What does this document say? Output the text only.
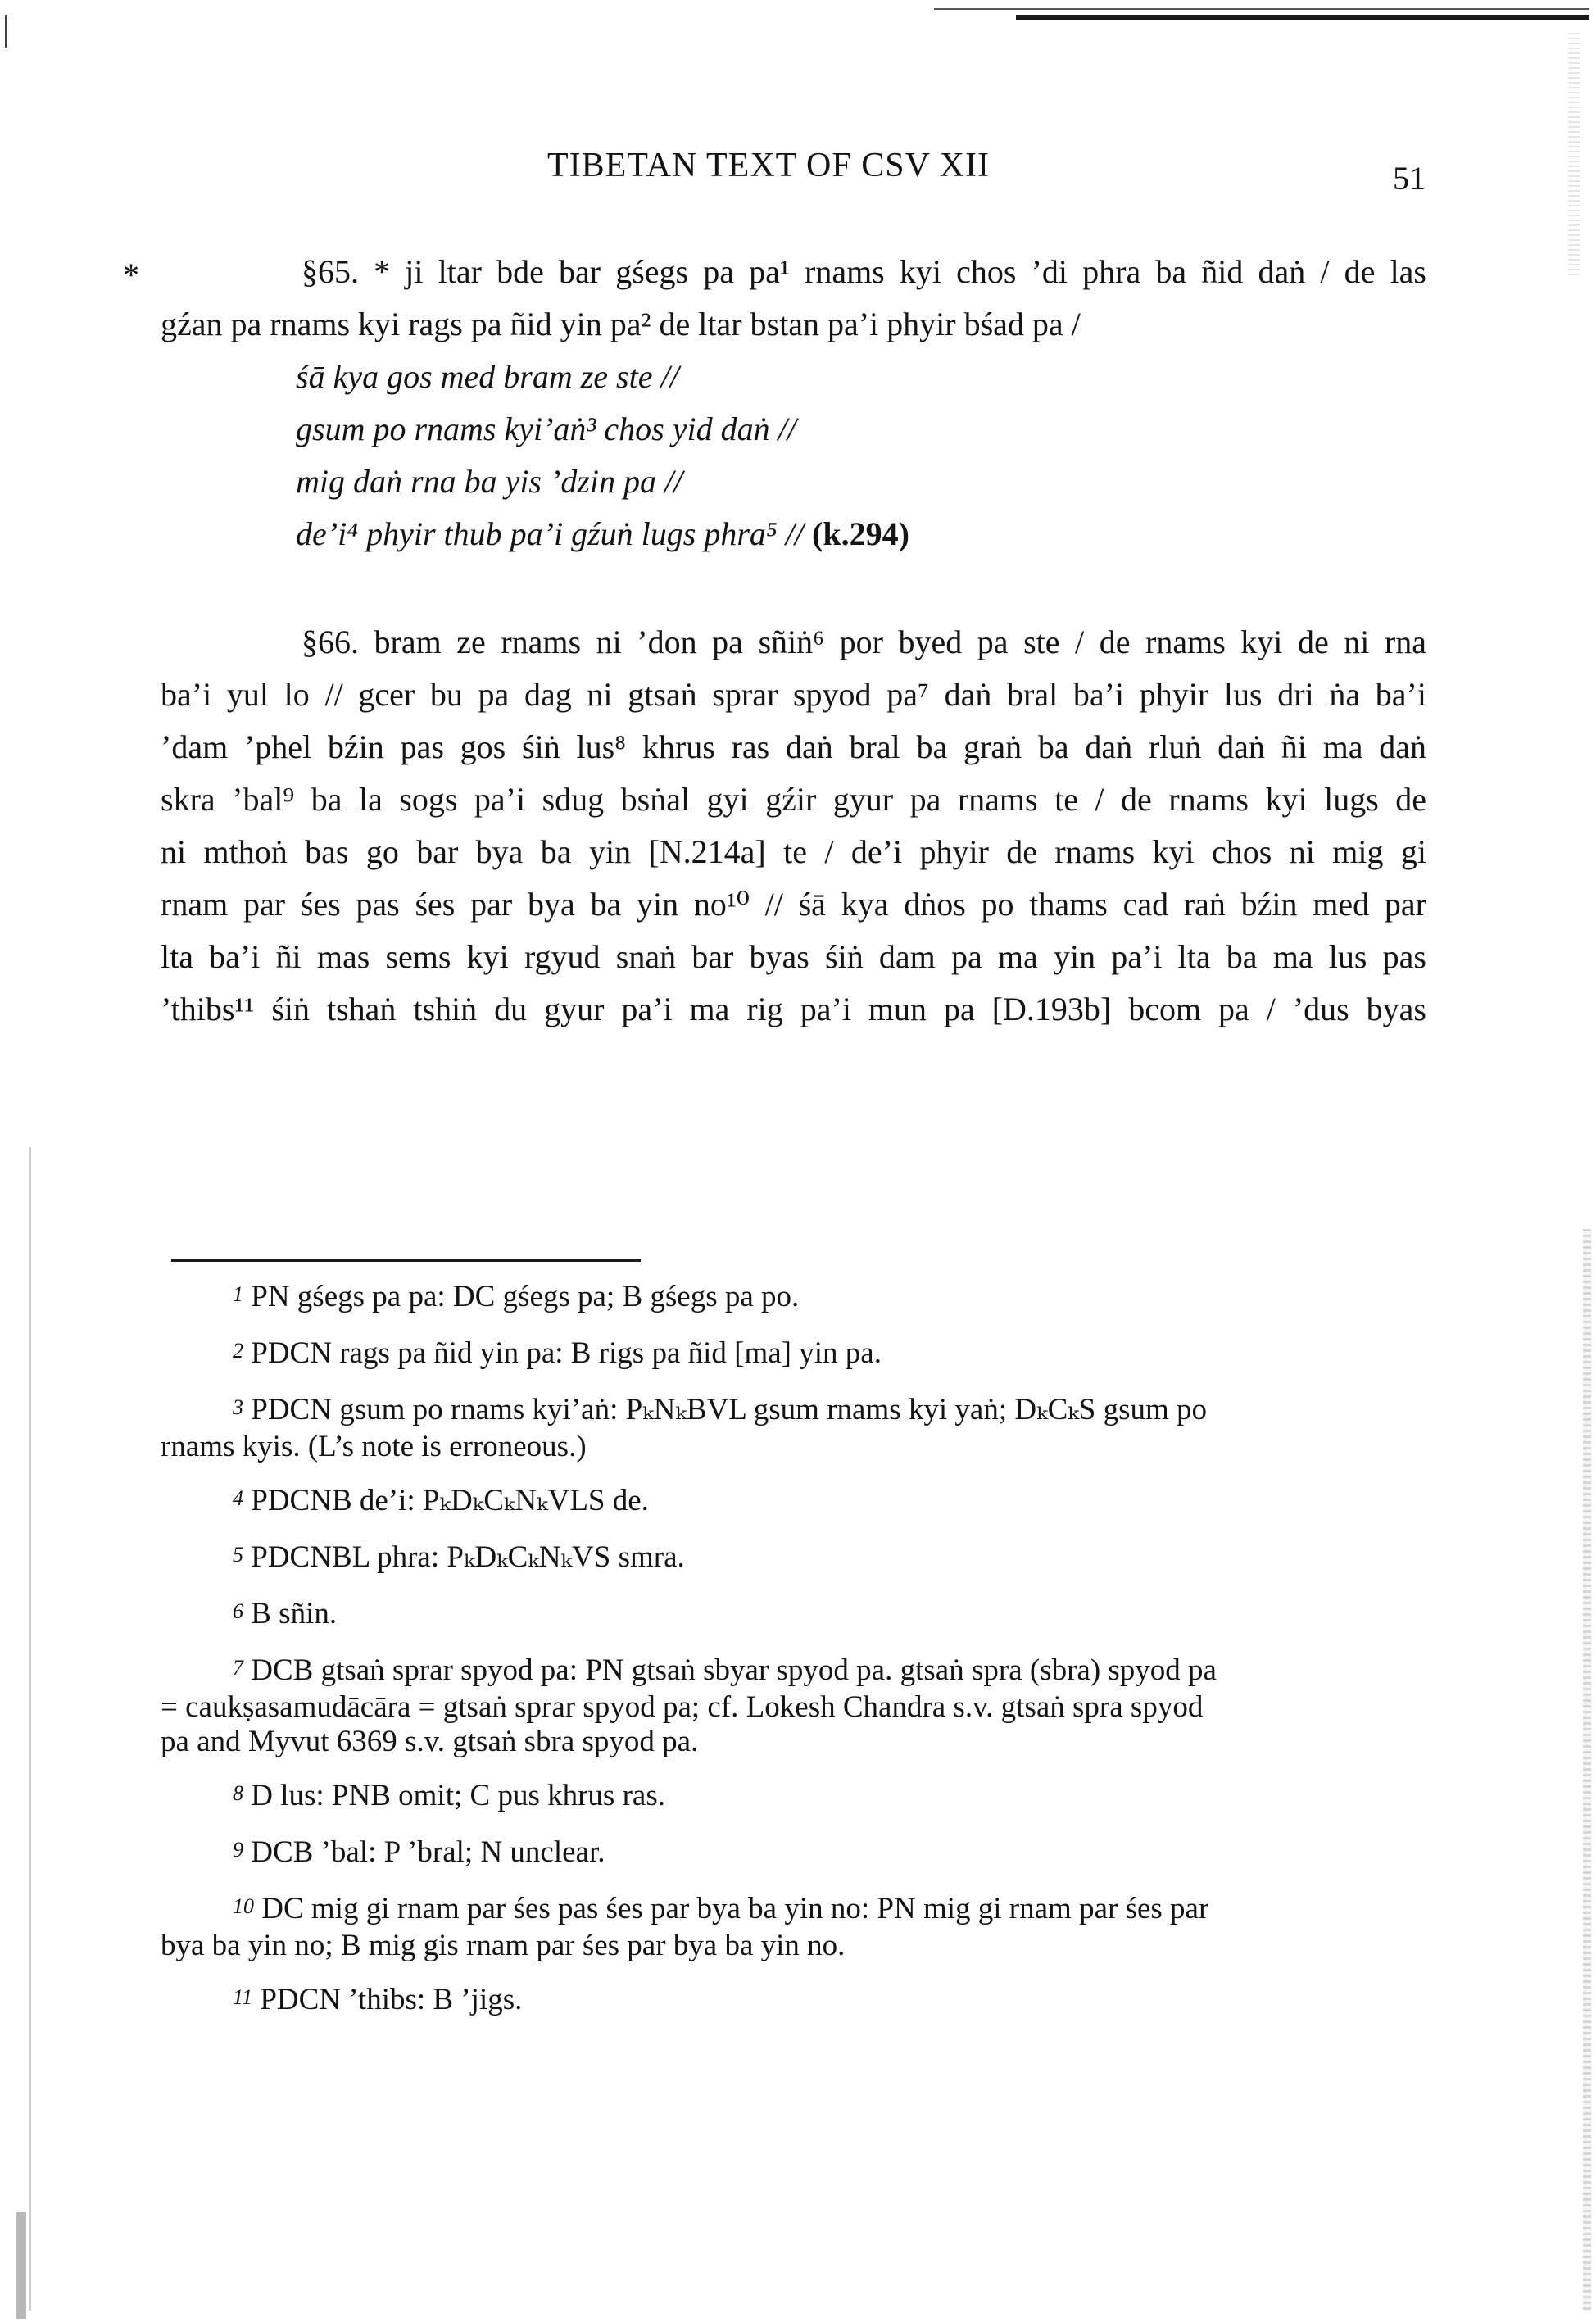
TIBETAN TEXT OF CSV XII	51
*	§65. * ji ltar bde bar gśegs pa pa¹ rnams kyi chos ’di phra ba ñid daṅ / de las
gźan pa rnams kyi rags pa ñid yin pa² de ltar bstan pa’i phyir bśad pa /
śā kya gos med bram ze ste //
gsum po rnams kyi’aṅ³ chos yid daṅ //
mig daṅ rna ba yis ’dzin pa //
de’i⁴ phyir thub pa’i gźuṅ lugs phra⁵ // (k.294)
§66. bram ze rnams ni ’don pa sñiṅ⁶ por byed pa ste / de rnams kyi de ni rna
ba’i yul lo // gcer bu pa dag ni gtsaṅ sprar spyod pa⁷ daṅ bral ba’i phyir lus dri ṅa ba’i
’dam ’phel bźin pas gos śiṅ lus⁸ khrus ras daṅ bral ba graṅ ba daṅ rluṅ daṅ ñi ma daṅ
skra ’bal⁹ ba la sogs pa’i sdug bsṅal gyi gźir gyur pa rnams te / de rnams kyi lugs de
ni mthoṅ bas go bar bya ba yin [N.214a] te / de’i phyir de rnams kyi chos ni mig gi
rnam par śes pas śes par bya ba yin no¹⁰ // śā kya dṅos po thams cad raṅ bźin med par
lta ba’i ñi mas sems kyi rgyud snaṅ bar byas śiṅ dam pa ma yin pa’i lta ba ma lus pas
’thibs¹¹ śiṅ tshaṅ tshiṅ du gyur pa’i ma rig pa’i mun pa [D.193b] bcom pa / ’dus byas
$^1$ PN gśegs pa pa: DC gśegs pa; B gśegs pa po.
$^2$ PDCN rags pa ñid yin pa: B rigs pa ñid [ma] yin pa.
$^3$ PDCN gsum po rnams kyi’aṅ: PₖNₖBVL gsum rnams kyi yaṅ; DₖCₖS gsum po
rnams kyis. (L’s note is erroneous.)
$^4$ PDCNB de’i: PₖDₖCₖNₖVLS de.
$^5$ PDCNBL phra: PₖDₖCₖNₖVS smra.
$^6$ B sñin.
$^7$ DCB gtsaṅ sprar spyod pa: PN gtsaṅ sbyar spyod pa. gtsaṅ spra (sbra) spyod pa
= caukṣasamudācāra = gtsaṅ sprar spyod pa; cf. Lokesh Chandra s.v. gtsaṅ spra spyod
pa and Myvut 6369 s.v. gtsaṅ sbra spyod pa.
$^8$ D lus: PNB omit; C pus khrus ras.
$^9$ DCB ’bal: P ’bral; N unclear.
$^{10}$ DC mig gi rnam par śes pas śes par bya ba yin no: PN mig gi rnam par śes par
bya ba yin no; B mig gis rnam par śes par bya ba yin no.
$^{11}$ PDCN ’thibs: B ’jigs.
